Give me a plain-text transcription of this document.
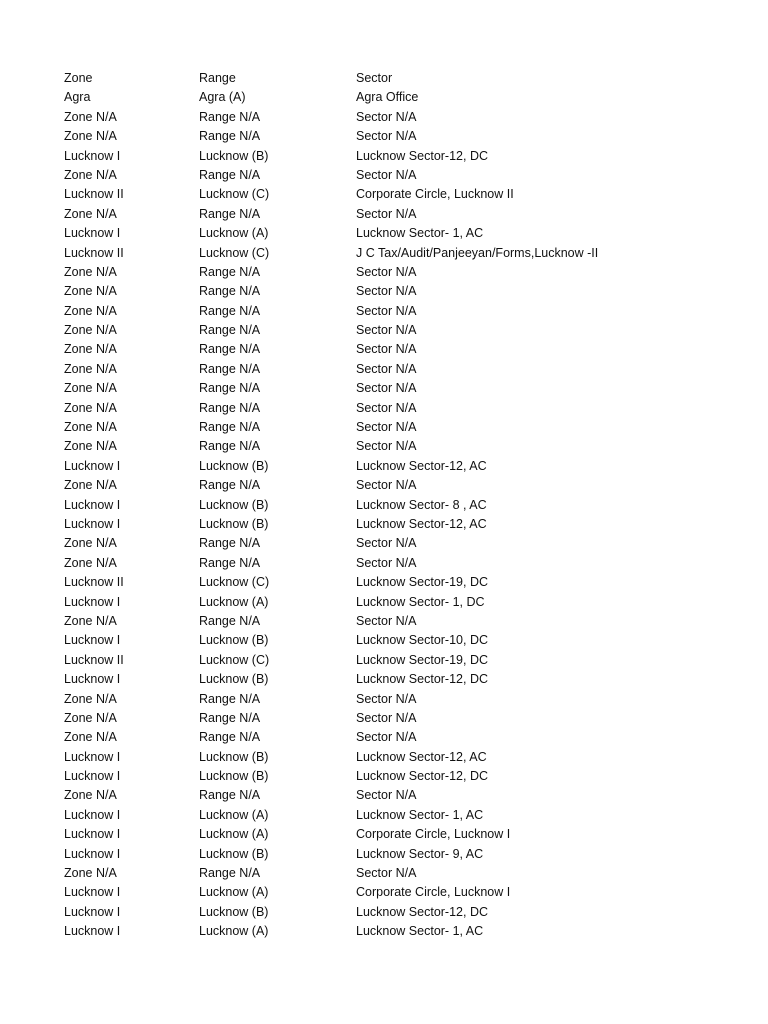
Zone	Range	Sector
Agra	Agra (A)	Agra Office
Zone N/A	Range N/A	Sector N/A
Zone N/A	Range N/A	Sector N/A
Lucknow I	Lucknow (B)	Lucknow Sector-12, DC
Zone N/A	Range N/A	Sector N/A
Lucknow II	Lucknow (C)	Corporate Circle, Lucknow II
Zone N/A	Range N/A	Sector N/A
Lucknow I	Lucknow (A)	Lucknow Sector- 1, AC
Lucknow II	Lucknow (C)	J C Tax/Audit/Panjeeyan/Forms,Lucknow -II
Zone N/A	Range N/A	Sector N/A
Zone N/A	Range N/A	Sector N/A
Zone N/A	Range N/A	Sector N/A
Zone N/A	Range N/A	Sector N/A
Zone N/A	Range N/A	Sector N/A
Zone N/A	Range N/A	Sector N/A
Zone N/A	Range N/A	Sector N/A
Zone N/A	Range N/A	Sector N/A
Zone N/A	Range N/A	Sector N/A
Zone N/A	Range N/A	Sector N/A
Lucknow I	Lucknow (B)	Lucknow Sector-12, AC
Zone N/A	Range N/A	Sector N/A
Lucknow I	Lucknow (B)	Lucknow Sector- 8 , AC
Lucknow I	Lucknow (B)	Lucknow Sector-12, AC
Zone N/A	Range N/A	Sector N/A
Zone N/A	Range N/A	Sector N/A
Lucknow II	Lucknow (C)	Lucknow Sector-19, DC
Lucknow I	Lucknow (A)	Lucknow Sector- 1, DC
Zone N/A	Range N/A	Sector N/A
Lucknow I	Lucknow (B)	Lucknow Sector-10, DC
Lucknow II	Lucknow (C)	Lucknow Sector-19, DC
Lucknow I	Lucknow (B)	Lucknow Sector-12, DC
Zone N/A	Range N/A	Sector N/A
Zone N/A	Range N/A	Sector N/A
Zone N/A	Range N/A	Sector N/A
Lucknow I	Lucknow (B)	Lucknow Sector-12, AC
Lucknow I	Lucknow (B)	Lucknow Sector-12, DC
Zone N/A	Range N/A	Sector N/A
Lucknow I	Lucknow (A)	Lucknow Sector- 1, AC
Lucknow I	Lucknow (A)	Corporate Circle, Lucknow I
Lucknow I	Lucknow (B)	Lucknow Sector- 9, AC
Zone N/A	Range N/A	Sector N/A
Lucknow I	Lucknow (A)	Corporate Circle, Lucknow I
Lucknow I	Lucknow (B)	Lucknow Sector-12, DC
Lucknow I	Lucknow (A)	Lucknow Sector- 1, AC
